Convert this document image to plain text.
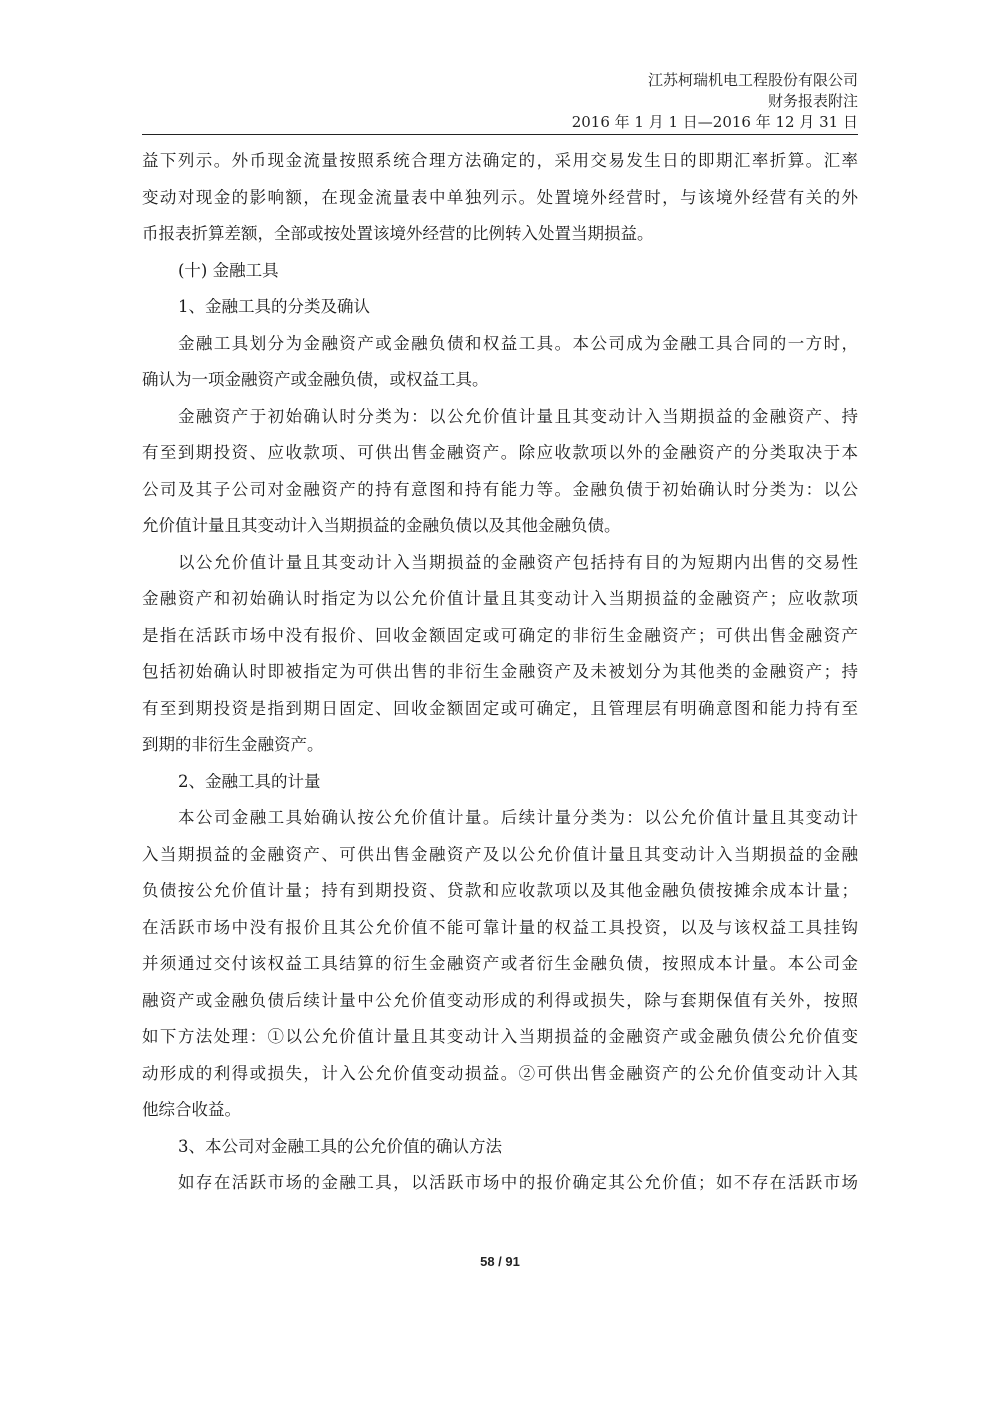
江苏柯瑞机电工程股份有限公司
财务报表附注
2016 年 1 月 1 日—2016 年 12 月 31 日
益下列示。外币现金流量按照系统合理方法确定的，采用交易发生日的即期汇率折算。汇率
变动对现金的影响额，在现金流量表中单独列示。处置境外经营时，与该境外经营有关的外
币报表折算差额，全部或按处置该境外经营的比例转入处置当期损益。
(十) 金融工具
1、金融工具的分类及确认
金融工具划分为金融资产或金融负债和权益工具。本公司成为金融工具合同的一方时，
确认为一项金融资产或金融负债，或权益工具。
金融资产于初始确认时分类为：以公允价值计量且其变动计入当期损益的金融资产、持
有至到期投资、应收款项、可供出售金融资产。除应收款项以外的金融资产的分类取决于本
公司及其子公司对金融资产的持有意图和持有能力等。金融负债于初始确认时分类为：以公
允价值计量且其变动计入当期损益的金融负债以及其他金融负债。
以公允价值计量且其变动计入当期损益的金融资产包括持有目的为短期内出售的交易性
金融资产和初始确认时指定为以公允价值计量且其变动计入当期损益的金融资产；应收款项
是指在活跃市场中没有报价、回收金额固定或可确定的非衍生金融资产；可供出售金融资产
包括初始确认时即被指定为可供出售的非衍生金融资产及未被划分为其他类的金融资产；持
有至到期投资是指到期日固定、回收金额固定或可确定，且管理层有明确意图和能力持有至
到期的非衍生金融资产。
2、金融工具的计量
本公司金融工具始确认按公允价值计量。后续计量分类为：以公允价值计量且其变动计
入当期损益的金融资产、可供出售金融资产及以公允价值计量且其变动计入当期损益的金融
负债按公允价值计量；持有到期投资、贷款和应收款项以及其他金融负债按摊余成本计量；
在活跃市场中没有报价且其公允价值不能可靠计量的权益工具投资，以及与该权益工具挂钩
并须通过交付该权益工具结算的衍生金融资产或者衍生金融负债，按照成本计量。本公司金
融资产或金融负债后续计量中公允价值变动形成的利得或损失，除与套期保值有关外，按照
如下方法处理：①以公允价值计量且其变动计入当期损益的金融资产或金融负债公允价值变
动形成的利得或损失，计入公允价值变动损益。②可供出售金融资产的公允价值变动计入其
他综合收益。
3、本公司对金融工具的公允价值的确认方法
如存在活跃市场的金融工具，以活跃市场中的报价确定其公允价值；如不存在活跃市场
58 / 91
